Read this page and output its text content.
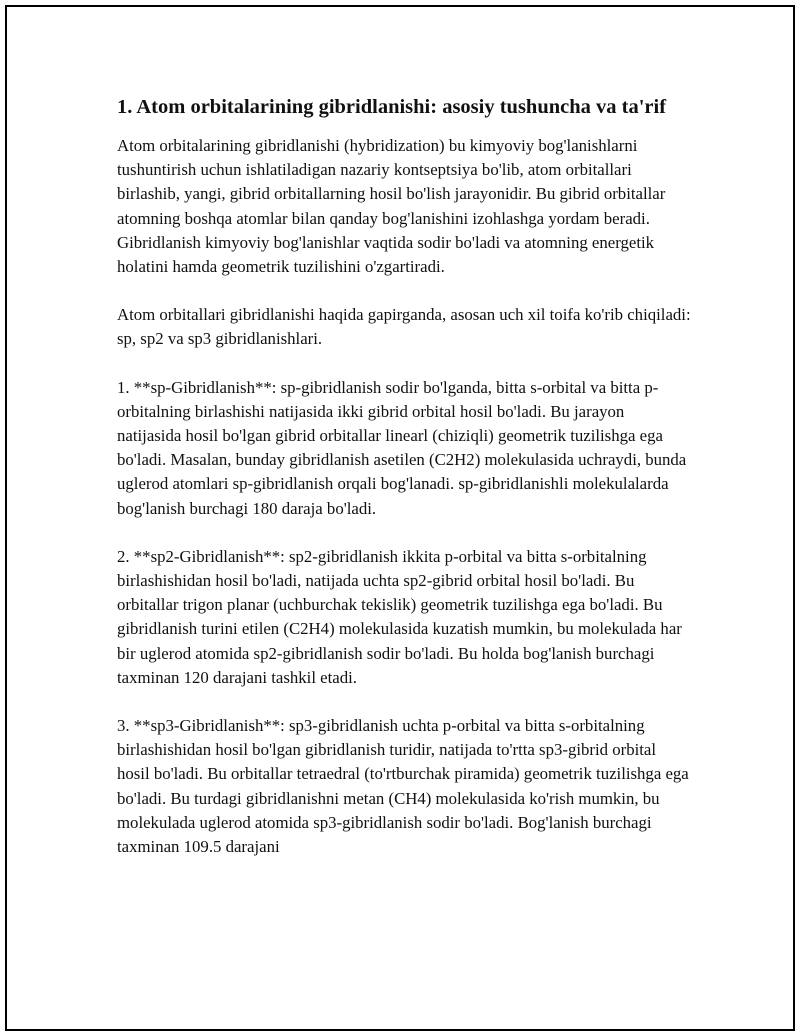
1. Atom orbitalarining gibridlanishi: asosiy tushuncha va ta'rif

Atom orbitalarining gibridlanishi (hybridization) bu kimyoviy bog'lanishlarni tushuntirish uchun ishlatiladigan nazariy kontseptsiya bo'lib, atom orbitallari birlashib, yangi, gibrid orbitallarning hosil bo'lish jarayonidir. Bu gibrid orbitallar atomning boshqa atomlar bilan qanday bog'lanishini izohlashga yordam beradi. Gibridlanish kimyoviy bog'lanishlar vaqtida sodir bo'ladi va atomning energetik holatini hamda geometrik tuzilishini o'zgartiradi.

Atom orbitallari gibridlanishi haqida gapirganda, asosan uch xil toifa ko'rib chiqiladi: sp, sp2 va sp3 gibridlanishlari.

1. **sp-Gibridlanish**: sp-gibridlanish sodir bo'lganda, bitta s-orbital va bitta p-orbitalning birlashishi natijasida ikki gibrid orbital hosil bo'ladi. Bu jarayon natijasida hosil bo'lgan gibrid orbitallar linearl (chiziqli) geometrik tuzilishga ega bo'ladi. Masalan, bunday gibridlanish asetilen (C2H2) molekulasida uchraydi, bunda uglerod atomlari sp-gibridlanish orqali bog'lanadi. sp-gibridlanishli molekulalarda bog'lanish burchagi 180 daraja bo'ladi.

2. **sp2-Gibridlanish**: sp2-gibridlanish ikkita p-orbital va bitta s-orbitalning birlashishidan hosil bo'ladi, natijada uchta sp2-gibrid orbital hosil bo'ladi. Bu orbitallar trigon planar (uchburchak tekislik) geometrik tuzilishga ega bo'ladi. Bu gibridlanish turini etilen (C2H4) molekulasida kuzatish mumkin, bu molekulada har bir uglerod atomida sp2-gibridlanish sodir bo'ladi. Bu holda bog'lanish burchagi taxminan 120 darajani tashkil etadi.

3. **sp3-Gibridlanish**: sp3-gibridlanish uchta p-orbital va bitta s-orbitalning birlashishidan hosil bo'lgan gibridlanish turidir, natijada to'rtta sp3-gibrid orbital hosil bo'ladi. Bu orbitallar tetraedral (to'rtburchak piramida) geometrik tuzilishga ega bo'ladi. Bu turdagi gibridlanishni metan (CH4) molekulasida ko'rish mumkin, bu molekulada uglerod atomida sp3-gibridlanish sodir bo'ladi. Bog'lanish burchagi taxminan 109.5 darajani
